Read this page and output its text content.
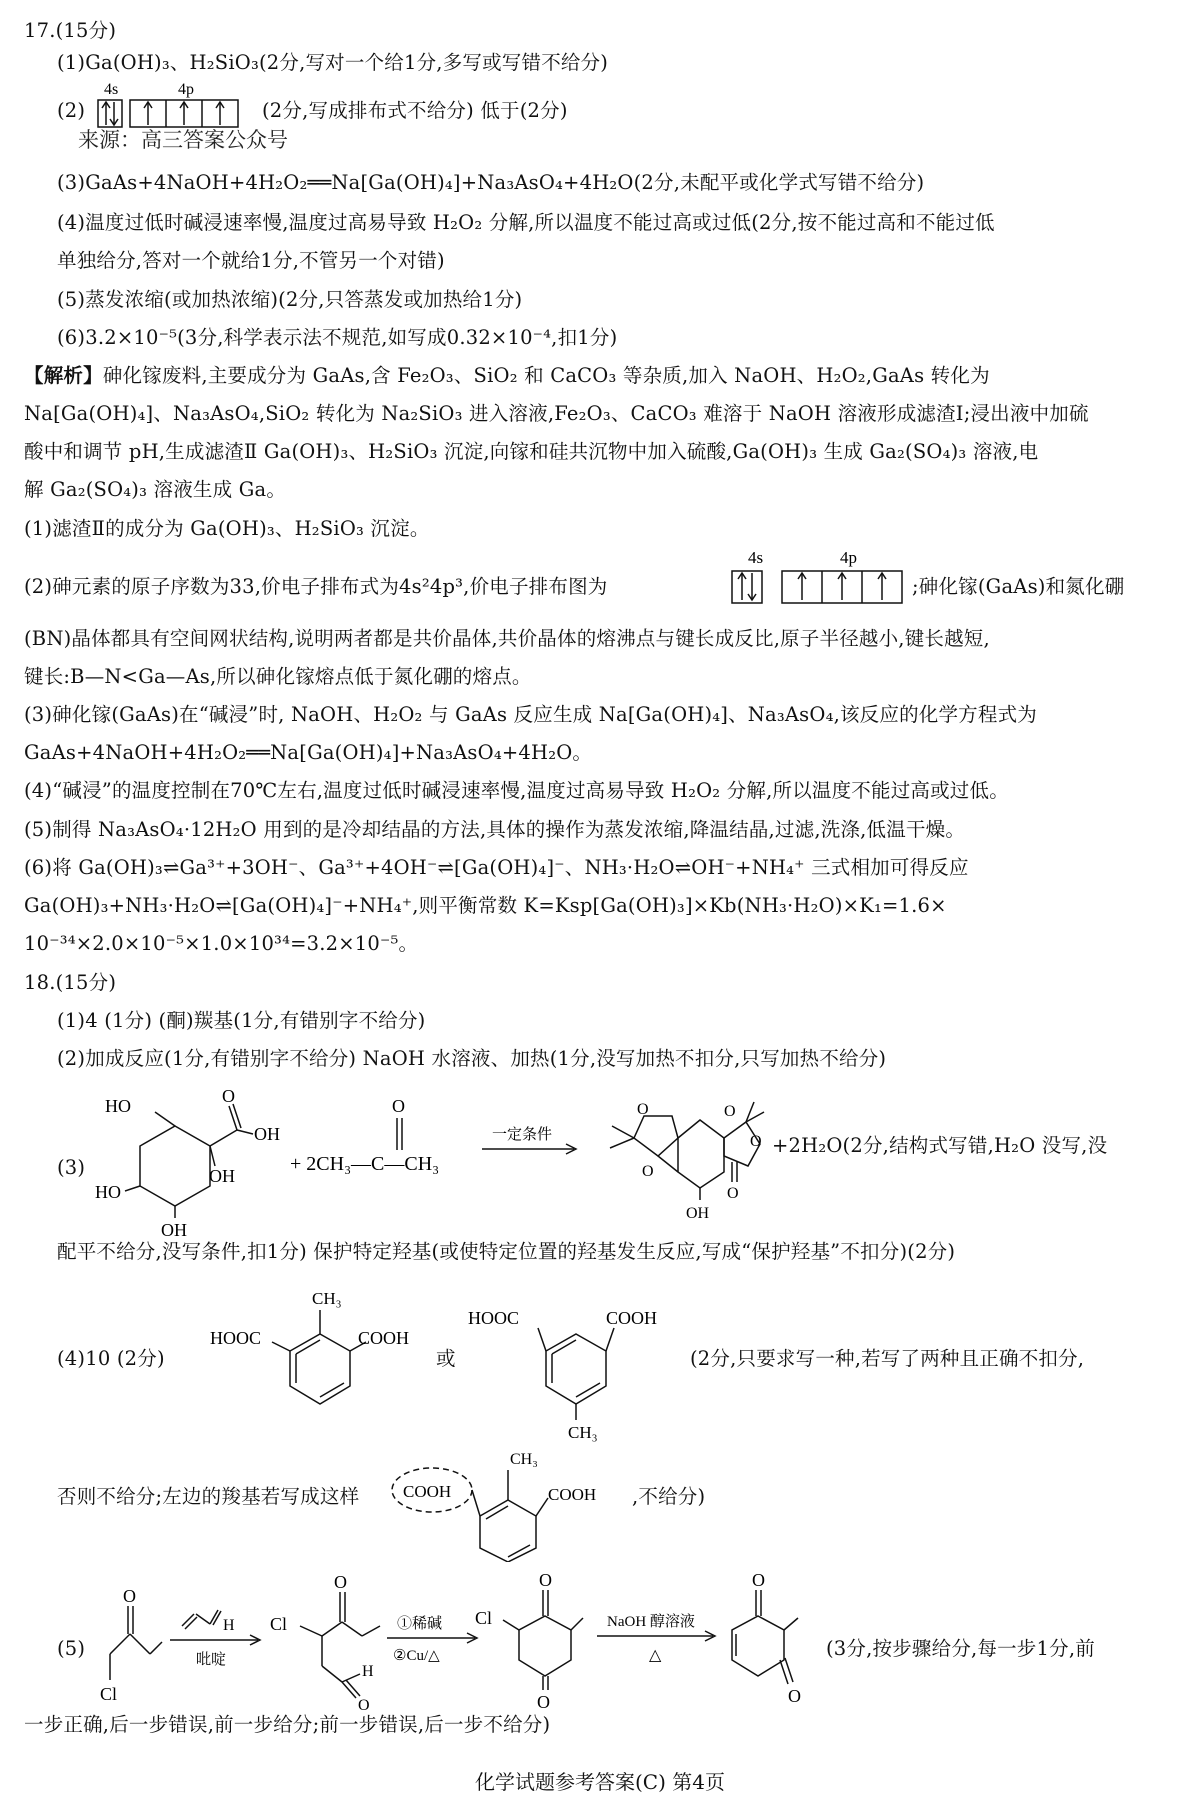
17.(15分)
(1)Ga(OH)₃、H₂SiO₃(2分,写对一个给1分,多写或写错不给分)
(2)
4s	4p
(2分,写成排布式不给分) 低于(2分)
来源：高三答案公众号
(3)GaAs+4NaOH+4H₂O₂══Na[Ga(OH)₄]+Na₃AsO₄+4H₂O(2分,未配平或化学式写错不给分)
(4)温度过低时碱浸速率慢,温度过高易导致 H₂O₂ 分解,所以温度不能过高或过低(2分,按不能过高和不能过低
单独给分,答对一个就给1分,不管另一个对错)
(5)蒸发浓缩(或加热浓缩)(2分,只答蒸发或加热给1分)
(6)3.2×10⁻⁵(3分,科学表示法不规范,如写成0.32×10⁻⁴,扣1分)
【解析】砷化镓废料,主要成分为 GaAs,含 Fe₂O₃、SiO₂ 和 CaCO₃ 等杂质,加入 NaOH、H₂O₂,GaAs 转化为
Na[Ga(OH)₄]、Na₃AsO₄,SiO₂ 转化为 Na₂SiO₃ 进入溶液,Fe₂O₃、CaCO₃ 难溶于 NaOH 溶液形成滤渣Ⅰ;浸出液中加硫
酸中和调节 pH,生成滤渣Ⅱ Ga(OH)₃、H₂SiO₃ 沉淀,向镓和硅共沉物中加入硫酸,Ga(OH)₃ 生成 Ga₂(SO₄)₃ 溶液,电
解 Ga₂(SO₄)₃ 溶液生成 Ga。
(1)滤渣Ⅱ的成分为 Ga(OH)₃、H₂SiO₃ 沉淀。
(2)砷元素的原子序数为33,价电子排布式为4s²4p³,价电子排布图为
4s	4p
;砷化镓(GaAs)和氮化硼
(BN)晶体都具有空间网状结构,说明两者都是共价晶体,共价晶体的熔沸点与键长成反比,原子半径越小,键长越短,
键长:B—N<Ga—As,所以砷化镓熔点低于氮化硼的熔点。
(3)砷化镓(GaAs)在“碱浸”时, NaOH、H₂O₂ 与 GaAs 反应生成 Na[Ga(OH)₄]、Na₃AsO₄,该反应的化学方程式为
GaAs+4NaOH+4H₂O₂══Na[Ga(OH)₄]+Na₃AsO₄+4H₂O。
(4)“碱浸”的温度控制在70℃左右,温度过低时碱浸速率慢,温度过高易导致 H₂O₂ 分解,所以温度不能过高或过低。
(5)制得 Na₃AsO₄·12H₂O 用到的是冷却结晶的方法,具体的操作为蒸发浓缩,降温结晶,过滤,洗涤,低温干燥。
(6)将 Ga(OH)₃⇌Ga³⁺+3OH⁻、Ga³⁺+4OH⁻⇌[Ga(OH)₄]⁻、NH₃·H₂O⇌OH⁻+NH₄⁺ 三式相加可得反应
Ga(OH)₃+NH₃·H₂O⇌[Ga(OH)₄]⁻+NH₄⁺,则平衡常数 K=Ksp[Ga(OH)₃]×Kb(NH₃·H₂O)×K₁=1.6×
10⁻³⁴×2.0×10⁻⁵×1.0×10³⁴=3.2×10⁻⁵。
18.(15分)
(1)4 (1分) (酮)羰基(1分,有错别字不给分)
(2)加成反应(1分,有错别字不给分) NaOH 水溶液、加热(1分,没写加热不扣分,只写加热不给分)
(3)
HO	O
OH
OH
HO
OH
+ 2CH₃—C—CH₃
O
一定条件
O
O
OH
O
O
O
+2H₂O(2分,结构式写错,H₂O 没写,没
配平不给分,没写条件,扣1分) 保护特定羟基(或使特定位置的羟基发生反应,写成“保护羟基”不扣分)(2分)
(4)10 (2分)
CH₃
HOOC	COOH
或
HOOC	COOH
CH₃
(2分,只要求写一种,若写了两种且正确不扣分,
否则不给分;左边的羧基若写成这样	COOH
CH₃
COOH ,不给分)
(5)
O
Cl
H
吡啶
O
Cl
H
O
①稀碱
②Cu/△
O
Cl
O
NaOH 醇溶液
△
O
O
(3分,按步骤给分,每一步1分,前
一步正确,后一步错误,前一步给分;前一步错误,后一步不给分)
化学试题参考答案(C) 第4页
